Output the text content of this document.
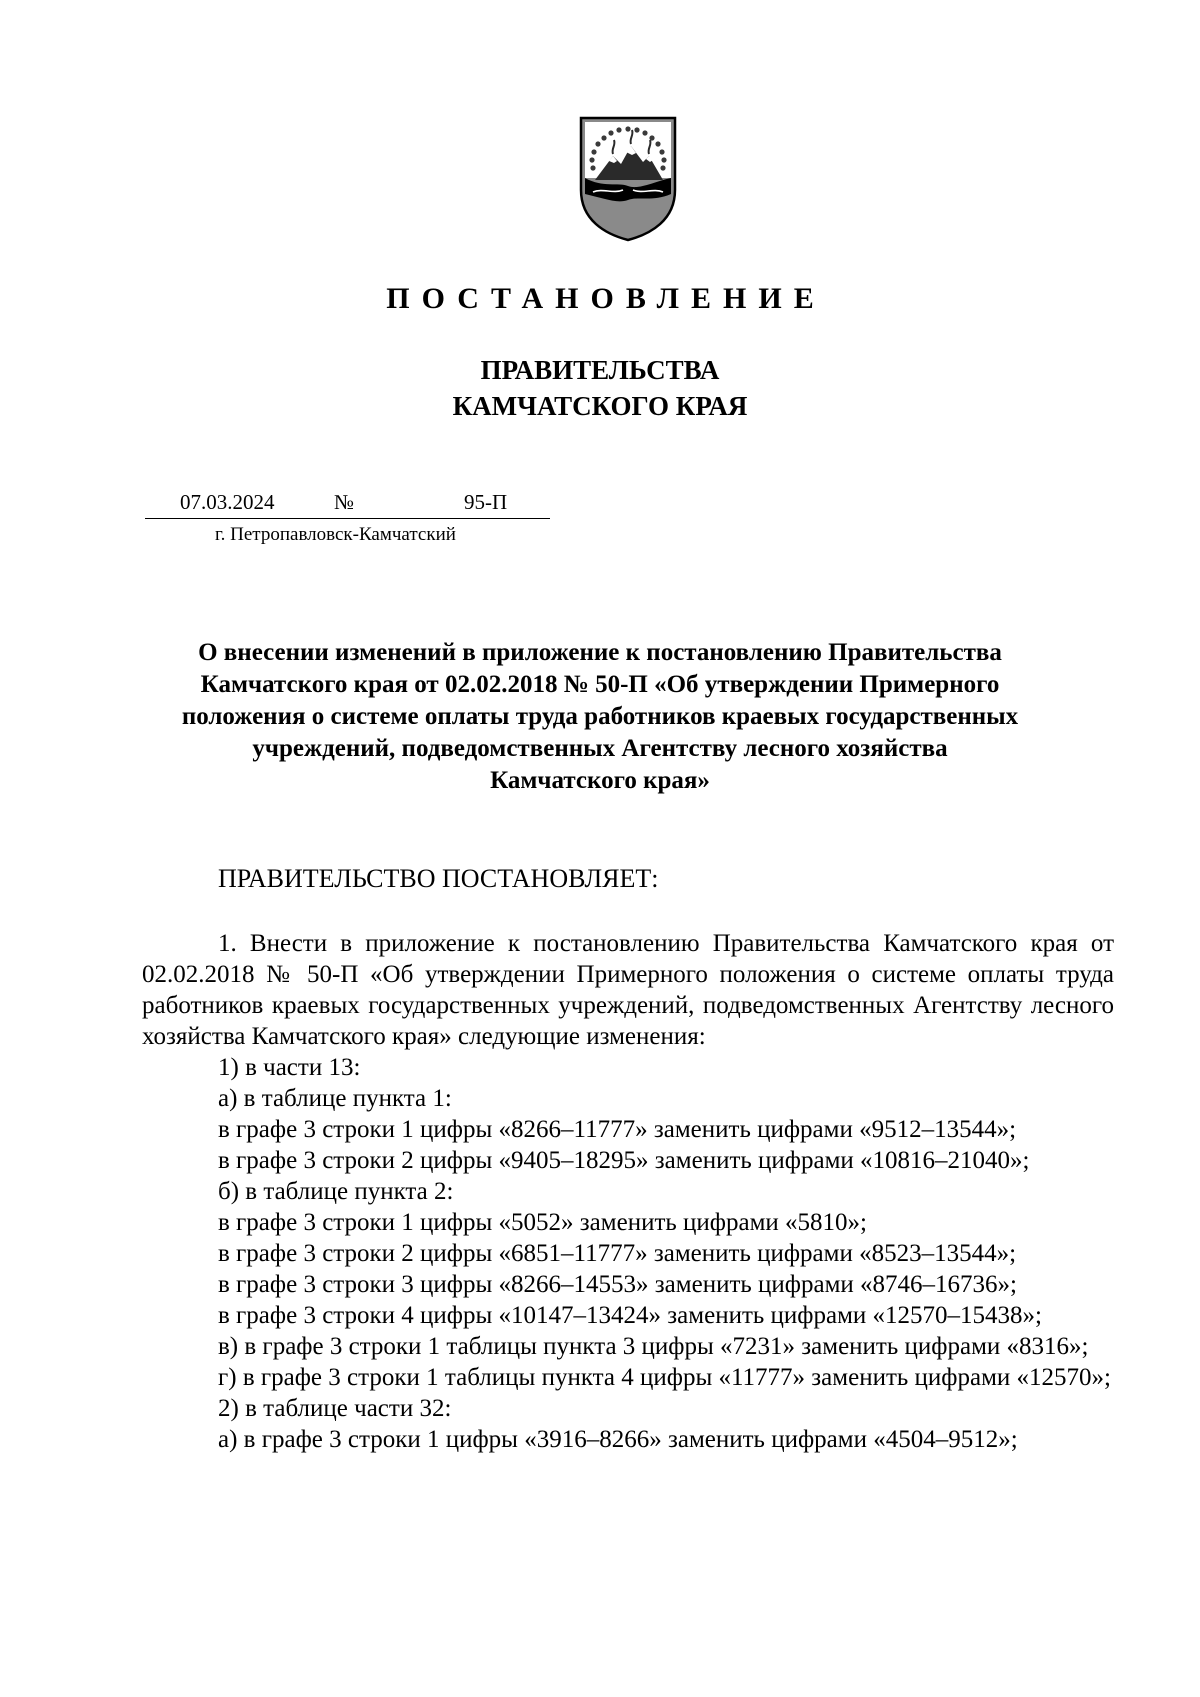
ПОСТАНОВЛЕНИЕ
ПРАВИТЕЛЬСТВА
КАМЧАТСКОГО КРАЯ
07.03.2024	№	95-П
г. Петропавловск-Камчатский
О внесении изменений в приложение к постановлению Правительства
Камчатского края от 02.02.2018 № 50-П «Об утверждении Примерного
положения о системе оплаты труда работников краевых государственных
учреждений, подведомственных Агентству лесного хозяйства
Камчатского края»
ПРАВИТЕЛЬСТВО ПОСТАНОВЛЯЕТ:

1. Внести в приложение к постановлению Правительства Камчатского края от 02.02.2018 № 50-П «Об утверждении Примерного положения о системе оплаты труда работников краевых государственных учреждений, подведомственных Агентству лесного хозяйства Камчатского края» следующие изменения:

1) в части 13:

а) в таблице пункта 1:

в графе 3 строки 1 цифры «8266–11777» заменить цифрами «9512–13544»;

в графе 3 строки 2 цифры «9405–18295» заменить цифрами «10816–21040»;

б) в таблице пункта 2:

в графе 3 строки 1 цифры «5052» заменить цифрами «5810»;

в графе 3 строки 2 цифры «6851–11777» заменить цифрами «8523–13544»;

в графе 3 строки 3 цифры «8266–14553» заменить цифрами «8746–16736»;

в графе 3 строки 4 цифры «10147–13424» заменить цифрами «12570–15438»;

в) в графе 3 строки 1 таблицы пункта 3 цифры «7231» заменить цифрами «8316»;

г) в графе 3 строки 1 таблицы пункта 4 цифры «11777» заменить цифрами «12570»;

2) в таблице части 32:

а) в графе 3 строки 1 цифры «3916–8266» заменить цифрами «4504–9512»;
